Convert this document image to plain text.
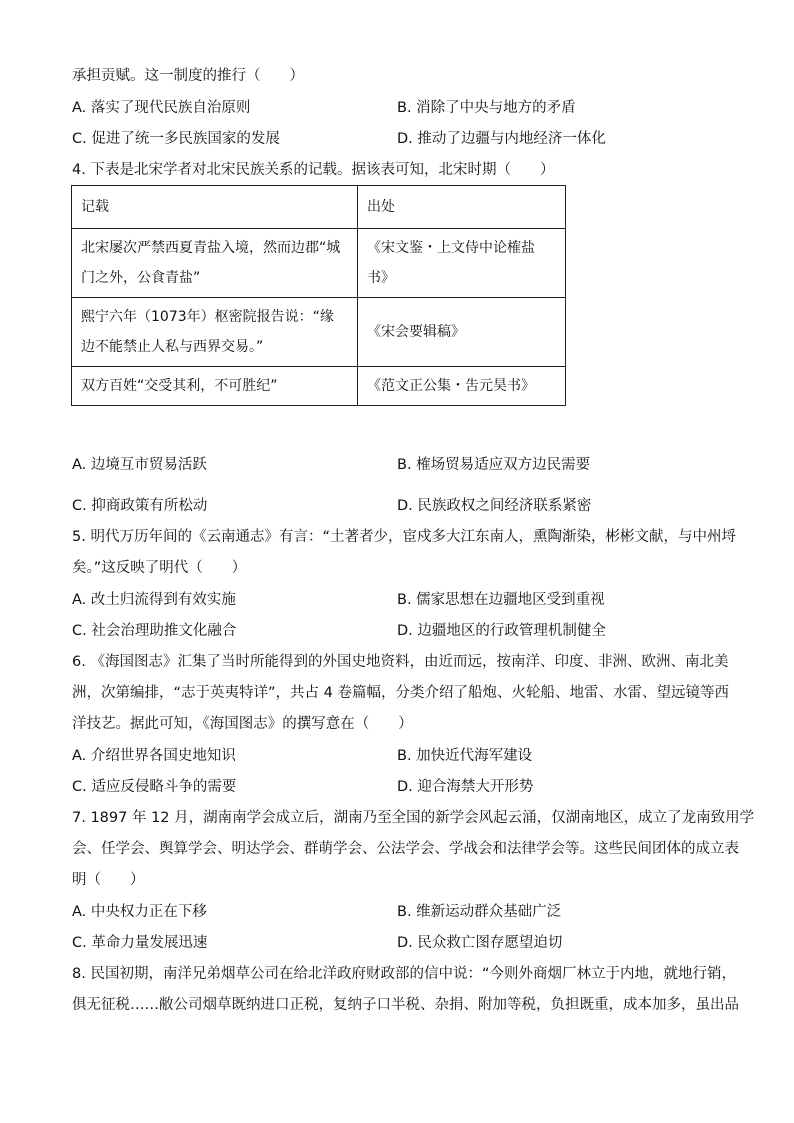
承担贡赋。这一制度的推行（　　）
A. 落实了现代民族自治原则	B. 消除了中央与地方的矛盾
C. 促进了统一多民族国家的发展	D. 推动了边疆与内地经济一体化
4. 下表是北宋学者对北宋民族关系的记载。据该表可知，北宋时期（　　）
记载	出处
北宋屡次严禁西夏青盐入境，然而边郡“城
门之外，公食青盐”	《宋文鉴・上文侍中论榷盐
书》
熙宁六年（1073年）枢密院报告说：“缘
边不能禁止人私与西界交易。”	《宋会要辑稿》
双方百姓“交受其利，不可胜纪”	《范文正公集・吿元昊书》
A. 边境互市贸易活跃	B. 榷场贸易适应双方边民需要
C. 抑商政策有所松动	D. 民族政权之间经济联系紧密
5. 明代万历年间的《云南通志》有言：“土著者少，宦戍多大江东南人，熏陶渐染，彬彬文献，与中州埒
矣。”这反映了明代（　　）
A. 改土归流得到有效实施	B. 儒家思想在边疆地区受到重视
C. 社会治理助推文化融合	D. 边疆地区的行政管理机制健全
6. 《海国图志》汇集了当时所能得到的外国史地资料，由近而远，按南洋、印度、非洲、欧洲、南北美
洲，次第编排，“志于英夷特详”，共占 4 卷篇幅，分类介绍了船炮、火轮船、地雷、水雷、望远镜等西
洋技艺。据此可知，《海国图志》的撰写意在（　　）
A. 介绍世界各国史地知识	B. 加快近代海军建设
C. 适应反侵略斗争的需要	D. 迎合海禁大开形势
7. 1897 年 12 月，湖南南学会成立后，湖南乃至全国的新学会风起云涌，仅湖南地区，成立了龙南致用学
会、任学会、舆算学会、明达学会、群萌学会、公法学会、学战会和法律学会等。这些民间团体的成立表
明（　　）
A. 中央权力正在下移	B. 维新运动群众基础广泛
C. 革命力量发展迅速	D. 民众救亡图存愿望迫切
8. 民国初期，南洋兄弟烟草公司在给北洋政府财政部的信中说：“今则外商烟厂林立于内地，就地行销，
俱无征税……敝公司烟草既纳进口正税，复纳子口半税、杂捐、附加等税，负担既重，成本加多，虽出品
